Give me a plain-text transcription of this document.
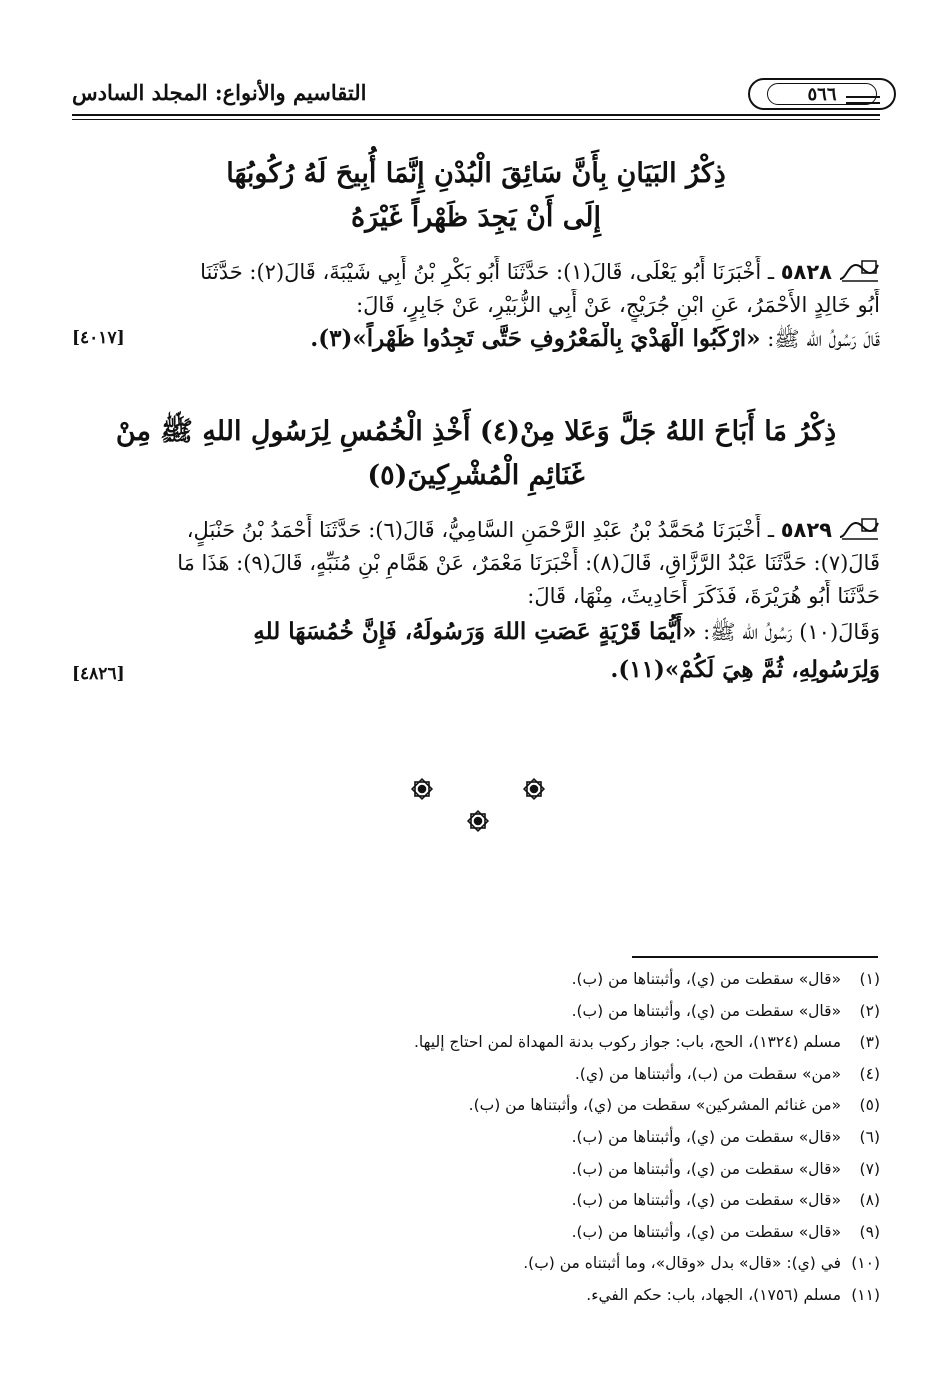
التقاسيم والأنواع: المجلد السادس	٥٦٦
ذِكْرُ البَيَانِ بِأَنَّ سَائِقَ الْبُدْنِ إِنَّمَا أُبِيحَ لَهُ رُكُوبُهَا
إِلَى أَنْ يَجِدَ ظَهْراً غَيْرَهُ
٥٨٢٨ ـ أَخْبَرَنَا أَبُو يَعْلَى، قَالَ(١): حَدَّثَنَا أَبُو بَكْرِ بْنُ أَبِي شَيْبَةَ، قَالَ(٢): حَدَّثَنَا
أَبُو خَالِدٍ الأَحْمَرُ، عَنِ ابْنِ جُرَيْجٍ، عَنْ أَبِي الزُّبَيْرِ، عَنْ جَابِرٍ، قَالَ:
قَالَ رَسُولُ الله ﷺ: «ارْكَبُوا الْهَدْيَ بِالْمَعْرُوفِ حَتَّى تَجِدُوا ظَهْراً»(٣).
[٤٠١٧]
ذِكْرُ مَا أَبَاحَ اللهُ جَلَّ وَعَلا مِنْ(٤) أَخْذِ الْخُمُسِ لِرَسُولِ اللهِ ﷺ مِنْ
غَنَائِمِ الْمُشْرِكِينَ(٥)
٥٨٢٩ ـ أَخْبَرَنَا مُحَمَّدُ بْنُ عَبْدِ الرَّحْمَنِ السَّامِيُّ، قَالَ(٦): حَدَّثَنَا أَحْمَدُ بْنُ حَنْبَلٍ،
قَالَ(٧): حَدَّثَنَا عَبْدُ الرَّزَّاقِ، قَالَ(٨): أَخْبَرَنَا مَعْمَرٌ، عَنْ هَمَّامِ بْنِ مُنَبِّهٍ، قَالَ(٩): هَذَا مَا
حَدَّثَنَا أَبُو هُرَيْرَةَ، فَذَكَرَ أَحَادِيثَ، مِنْهَا، قَالَ:
وَقَالَ(١٠) رَسُولُ الله ﷺ: «أَيُّمَا قَرْيَةٍ عَصَتِ اللهَ وَرَسُولَهُ، فَإِنَّ خُمُسَهَا للهِ
وَلِرَسُولِهِ، ثُمَّ هِيَ لَكُمْ»(١١).
[٤٨٢٦]
(١) «قال» سقطت من (ي)، وأثبتناها من (ب).
(٢) «قال» سقطت من (ي)، وأثبتناها من (ب).
(٣) مسلم (١٣٢٤)، الحج، باب: جواز ركوب بدنة المهداة لمن احتاج إليها.
(٤) «من» سقطت من (ب)، وأثبتناها من (ي).
(٥) «من غنائم المشركين» سقطت من (ي)، وأثبتناها من (ب).
(٦) «قال» سقطت من (ي)، وأثبتناها من (ب).
(٧) «قال» سقطت من (ي)، وأثبتناها من (ب).
(٨) «قال» سقطت من (ي)، وأثبتناها من (ب).
(٩) «قال» سقطت من (ي)، وأثبتناها من (ب).
(١٠) في (ي): «قال» بدل «وقال»، وما أثبتناه من (ب).
(١١) مسلم (١٧٥٦)، الجهاد، باب: حكم الفيء.
